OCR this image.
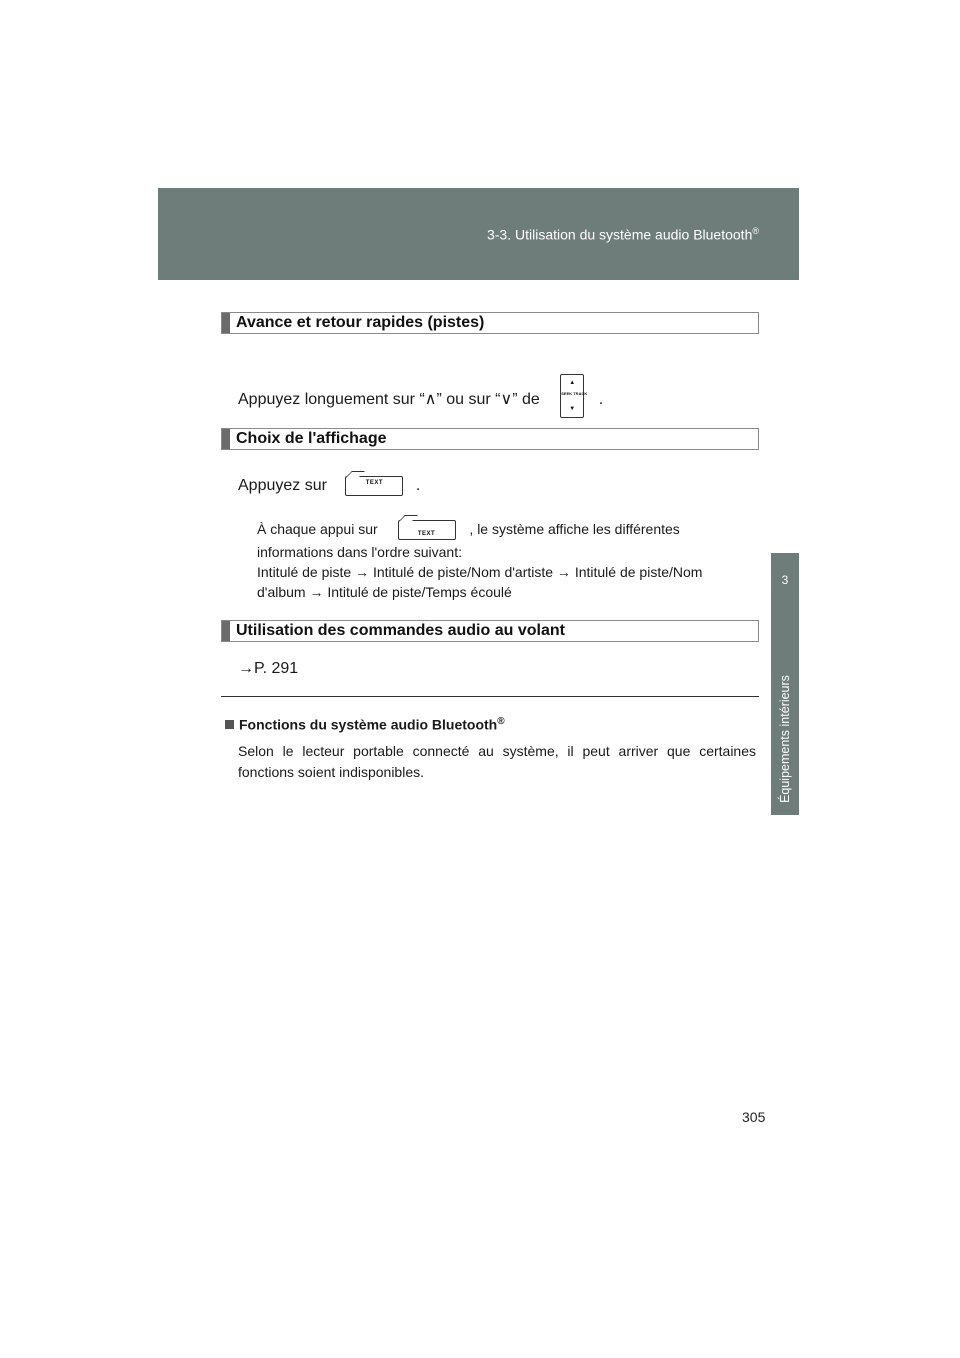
3-3. Utilisation du système audio Bluetooth®
3
Équipements intérieurs
Avance et retour rapides (pistes)
Appuyez longuement sur “∧” ou sur “∨” de
▲
SEEK TRACK
▼
.
Choix de l'affichage
Appuyez sur	TEXT	.
À chaque appui sur	TEXT	, le système affiche les différentes
informations dans l'ordre suivant:
Intitulé de piste → Intitulé de piste/Nom d'artiste → Intitulé de piste/Nom
d'album → Intitulé de piste/Temps écoulé
Utilisation des commandes audio au volant
→P. 291
Fonctions du système audio Bluetooth®
Selon le lecteur portable connecté au système, il peut arriver que certaines fonctions soient indisponibles.
305
